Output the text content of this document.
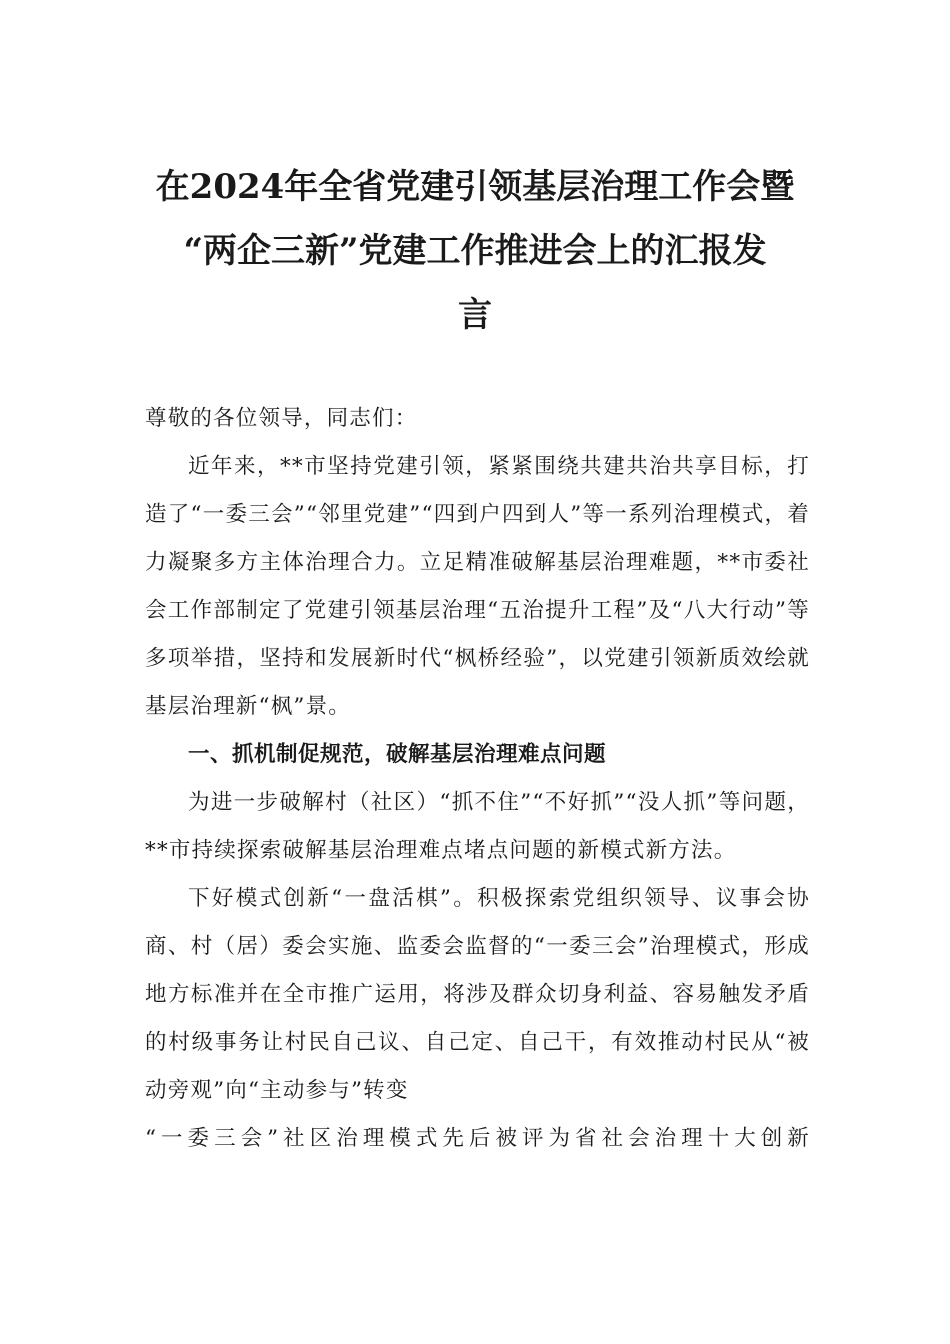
在2024年全省党建引领基层治理工作会暨
“两企三新”党建工作推进会上的汇报发
言

尊敬的各位领导，同志们：

近年来，**市坚持党建引领，紧紧围绕共建共治共享目标，打造了“一委三会”“邻里党建”“四到户四到人”等一系列治理模式，着力凝聚多方主体治理合力。立足精准破解基层治理难题，**市委社会工作部制定了党建引领基层治理“五治提升工程”及“八大行动”等多项举措，坚持和发展新时代“枫桥经验”，以党建引领新质效绘就基层治理新“枫”景。

一、抓机制促规范，破解基层治理难点问题

为进一步破解村（社区）“抓不住”“不好抓”“没人抓”等问题，**市持续探索破解基层治理难点堵点问题的新模式新方法。

下好模式创新“一盘活棋”。积极探索党组织领导、议事会协商、村（居）委会实施、监委会监督的“一委三会”治理模式，形成地方标准并在全市推广运用，将涉及群众切身利益、容易触发矛盾的村级事务让村民自己议、自己定、自己干，有效推动村民从“被动旁观”向“主动参与”转变

“一委三会”社区治理模式先后被评为省社会治理十大创新
